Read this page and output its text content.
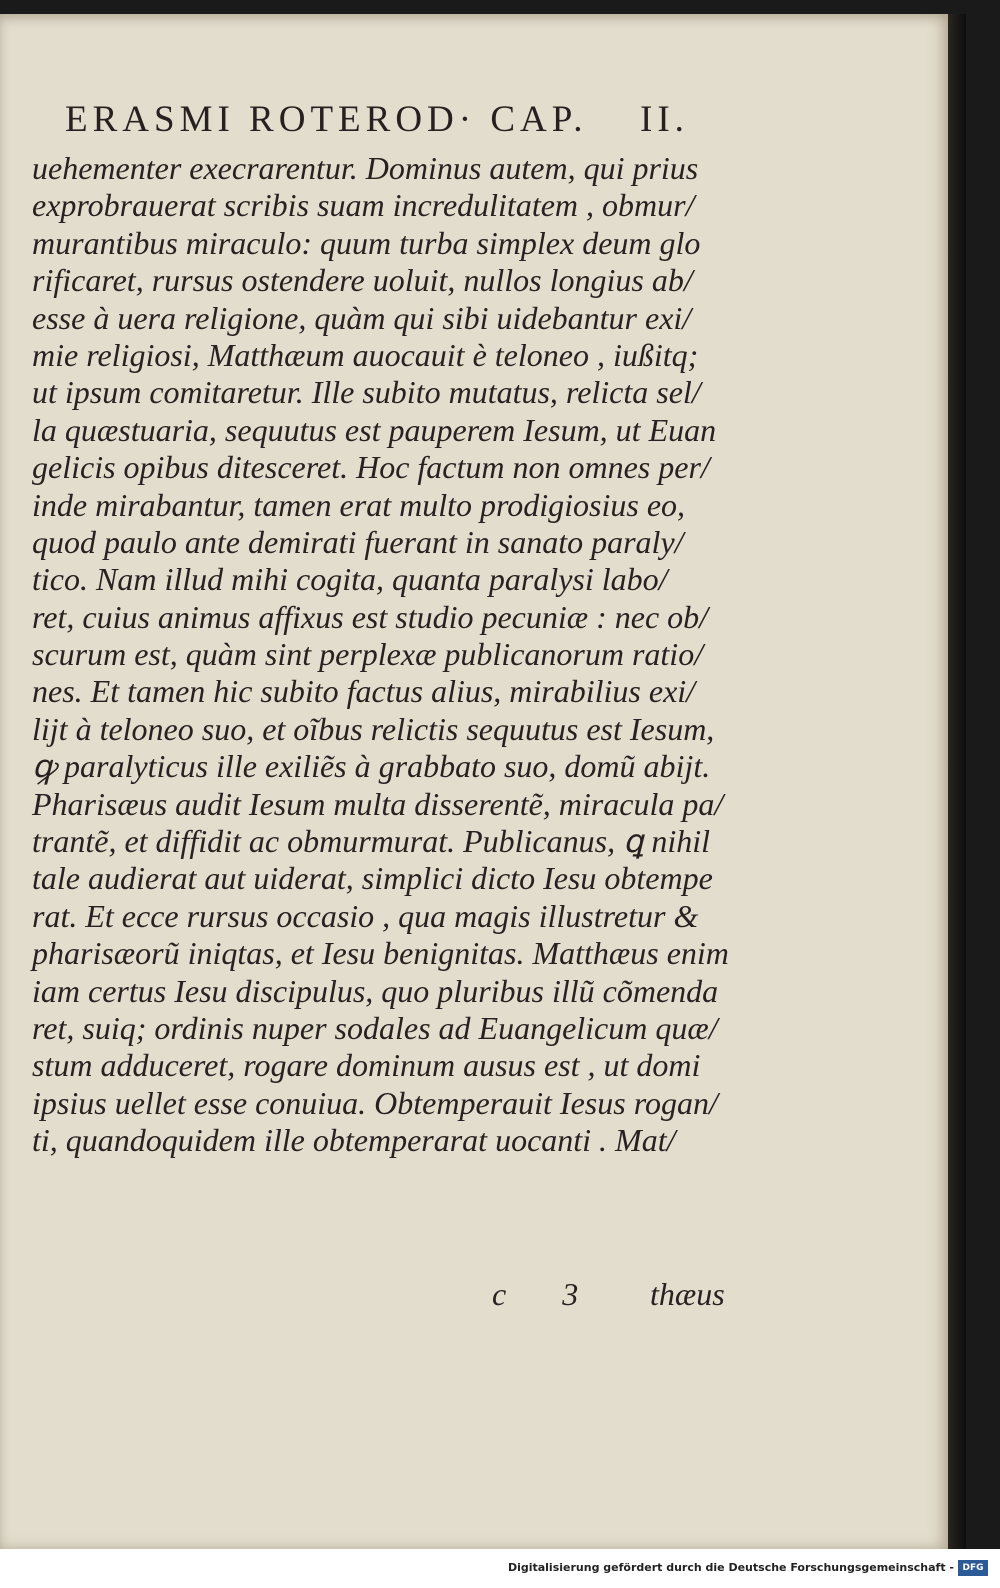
ERASMI ROTEROD· CAP. II.
uehementer execrarentur. Dominus autem, qui prius
exprobrauerat scribis suam incredulitatem , obmur/
murantibus miraculo: quum turba simplex deum glo
rificaret, rursus ostendere uoluit, nullos longius ab/
esse à uera religione, quàm qui sibi uidebantur exi/
mie religiosi, Matthæum auocauit è teloneo , iußitq;
ut ipsum comitaretur. Ille subito mutatus, relicta sel/
la quæstuaria, sequutus est pauperem Iesum, ut Euan
gelicis opibus ditesceret. Hoc factum non omnes per/
inde mirabantur, tamen erat multo prodigiosius eo,
quod paulo ante demirati fuerant in sanato paraly/
tico. Nam illud mihi cogita, quanta paralysi labo/
ret, cuius animus affixus est studio pecuniæ : nec ob/
scurum est, quàm sint perplexæ publicanorum ratio/
nes. Et tamen hic subito factus alius, mirabilius exi/
lijt à teloneo suo, et oĩbus relictis sequutus est Iesum,
ꝙ paralyticus ille exiliẽs à grabbato suo, domũ abijt.
Pharisæus audit Iesum multa disserentẽ, miracula pa/
trantẽ, et diffidit ac obmurmurat. Publicanus, ꝗ nihil
tale audierat aut uiderat, simplici dicto Iesu obtempe
rat. Et ecce rursus occasio , qua magis illustretur &
pharisæorũ iniqtas, et Iesu benignitas. Matthæus enim
iam certus Iesu discipulus, quo pluribus illũ cõmenda
ret, suiq; ordinis nuper sodales ad Euangelicum quæ/
stum adduceret, rogare dominum ausus est , ut domi
ipsius uellet esse conuiua. Obtemperauit Iesus rogan/
ti, quandoquidem ille obtemperarat uocanti . Mat/
c 3 thæus
Digitalisierung gefördert durch die Deutsche Forschungsgemeinschaft - DFG
